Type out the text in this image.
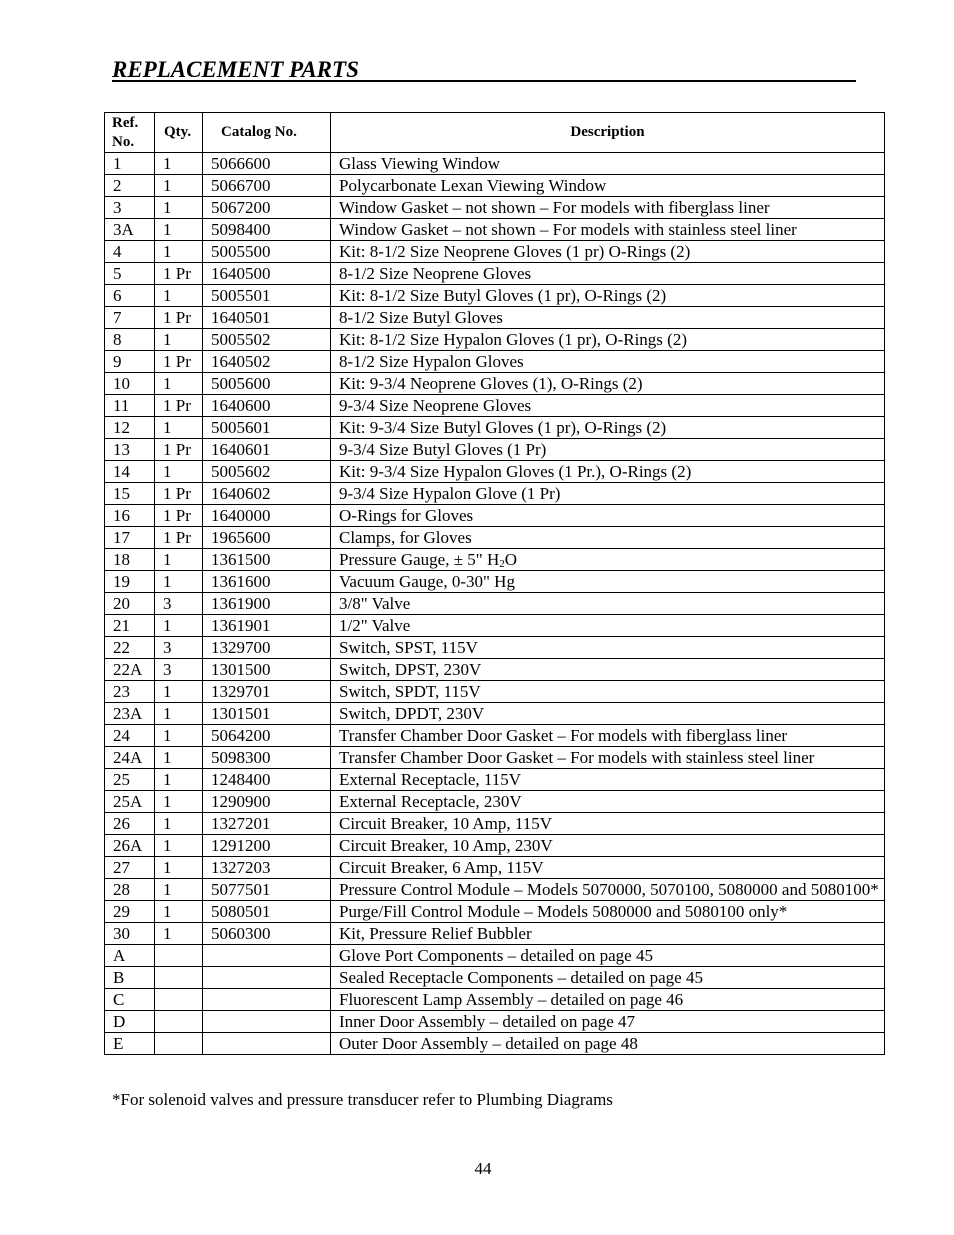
REPLACEMENT PARTS
Ref. No.	Qty.	Catalog No.	Description
1	1	5066600	Glass Viewing Window
2	1	5066700	Polycarbonate Lexan Viewing Window
3	1	5067200	Window Gasket – not shown – For models with fiberglass liner
3A	1	5098400	Window Gasket – not shown – For models with stainless steel liner
4	1	5005500	Kit: 8-1/2 Size Neoprene Gloves (1 pr) O-Rings (2)
5	1 Pr	1640500	8-1/2 Size Neoprene Gloves
6	1	5005501	Kit: 8-1/2 Size Butyl Gloves (1 pr), O-Rings (2)
7	1 Pr	1640501	8-1/2 Size Butyl Gloves
8	1	5005502	Kit: 8-1/2 Size Hypalon Gloves (1 pr), O-Rings (2)
9	1 Pr	1640502	8-1/2 Size Hypalon Gloves
10	1	5005600	Kit: 9-3/4 Neoprene Gloves (1), O-Rings (2)
11	1 Pr	1640600	9-3/4 Size Neoprene Gloves
12	1	5005601	Kit: 9-3/4 Size Butyl Gloves (1 pr), O-Rings (2)
13	1 Pr	1640601	9-3/4 Size Butyl Gloves (1 Pr)
14	1	5005602	Kit: 9-3/4 Size Hypalon Gloves (1 Pr.), O-Rings (2)
15	1 Pr	1640602	9-3/4 Size Hypalon Glove (1 Pr)
16	1 Pr	1640000	O-Rings for Gloves
17	1 Pr	1965600	Clamps, for Gloves
18	1	1361500	Pressure Gauge, ± 5" $H_2O$
19	1	1361600	Vacuum Gauge, 0-30" Hg
20	3	1361900	3/8" Valve
21	1	1361901	1/2" Valve
22	3	1329700	Switch, SPST, 115V
22A	3	1301500	Switch, DPST, 230V
23	1	1329701	Switch, SPDT, 115V
23A	1	1301501	Switch, DPDT, 230V
24	1	5064200	Transfer Chamber Door Gasket – For models with fiberglass liner
24A	1	5098300	Transfer Chamber Door Gasket – For models with stainless steel liner
25	1	1248400	External Receptacle, 115V
25A	1	1290900	External Receptacle, 230V
26	1	1327201	Circuit Breaker, 10 Amp, 115V
26A	1	1291200	Circuit Breaker, 10 Amp, 230V
27	1	1327203	Circuit Breaker, 6 Amp, 115V
28	1	5077501	Pressure Control Module – Models 5070000, 5070100, 5080000 and 5080100*
29	1	5080501	Purge/Fill Control Module – Models 5080000 and 5080100 only*
30	1	5060300	Kit, Pressure Relief Bubbler
A			Glove Port Components – detailed on page 45
B			Sealed Receptacle Components – detailed on page 45
C			Fluorescent Lamp Assembly – detailed on page 46
D			Inner Door Assembly – detailed on page 47
E			Outer Door Assembly – detailed on page 48

*For solenoid valves and pressure transducer refer to Plumbing Diagrams

44
